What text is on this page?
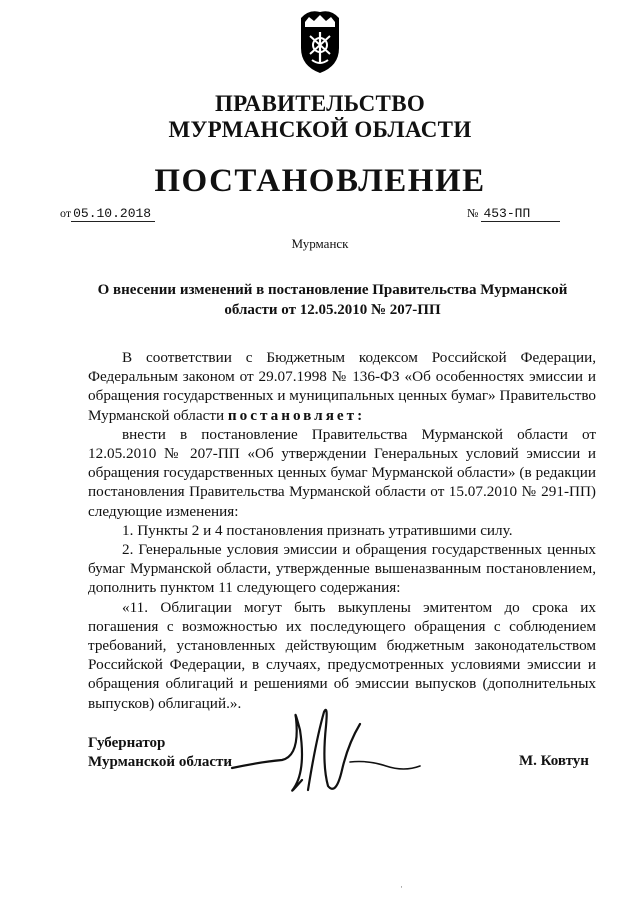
ПРАВИТЕЛЬСТВО
МУРМАНСКОЙ ОБЛАСТИ
ПОСТАНОВЛЕНИЕ
от 05.10.2018	№ 453-ПП
Мурманск
О внесении изменений в постановление Правительства Мурманской
области от 12.05.2010 № 207-ПП

В соответствии с Бюджетным кодексом Российской Федерации, Федеральным законом от 29.07.1998 № 136-ФЗ «Об особенностях эмиссии и обращения государственных и муниципальных ценных бумаг» Правительство Мурманской области постановляет:

внести в постановление Правительства Мурманской области от 12.05.2010 № 207-ПП «Об утверждении Генеральных условий эмиссии и обращения государственных ценных бумаг Мурманской области» (в редакции постановления Правительства Мурманской области от 15.07.2010 № 291-ПП) следующие изменения:

1. Пункты 2 и 4 постановления признать утратившими силу.

2. Генеральные условия эмиссии и обращения государственных ценных бумаг Мурманской области, утвержденные вышеназванным постановлением, дополнить пунктом 11 следующего содержания:

«11. Облигации могут быть выкуплены эмитентом до срока их погашения с возможностью их последующего обращения с соблюдением требований, установленных действующим бюджетным законодательством Российской Федерации, в случаях, предусмотренных условиями эмиссии и обращения облигаций и решениями об эмиссии выпусков (дополнительных выпусков) облигаций.».

Губернатор
Мурманской области	М. Ковтун
·
